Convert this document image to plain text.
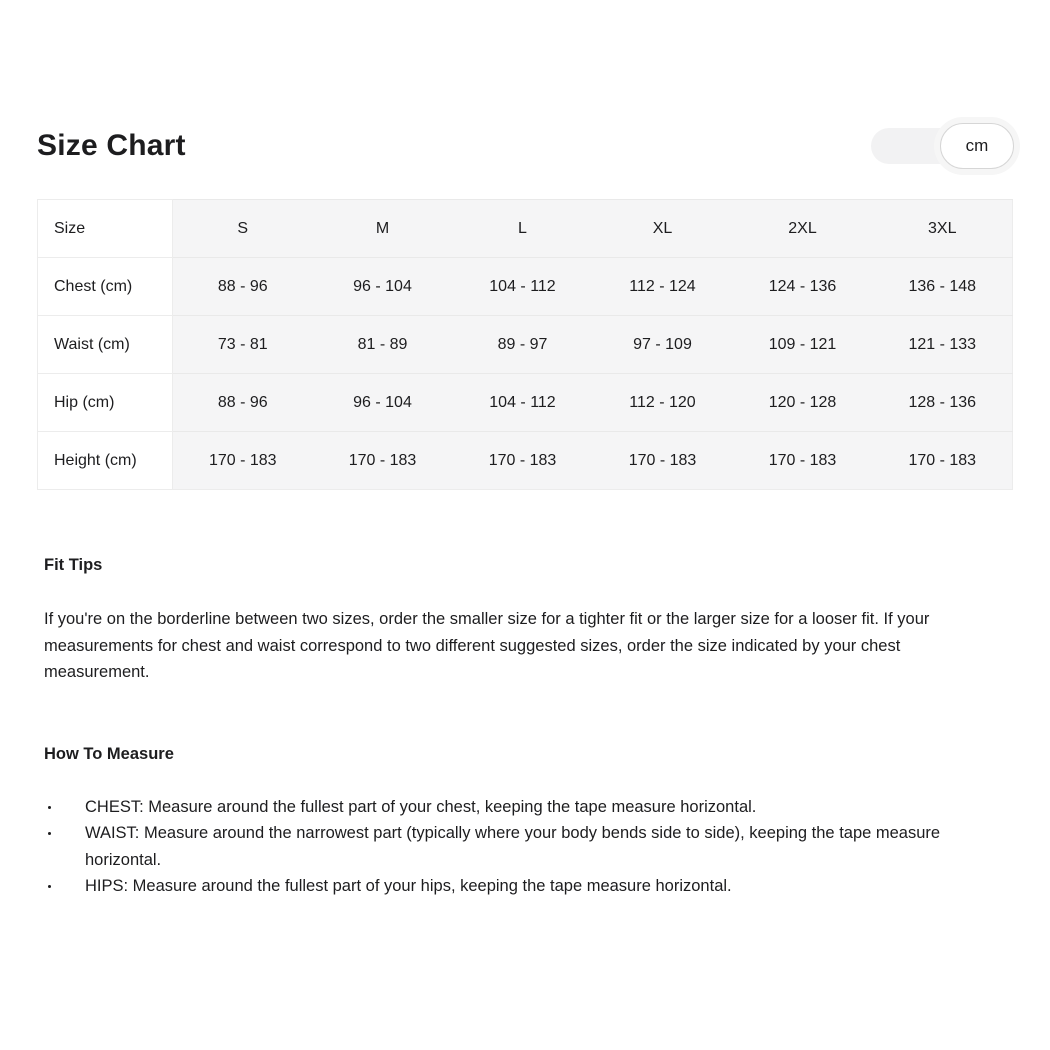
Size Chart	cm
Size	S	M	L	XL	2XL	3XL
Chest (cm)	88 - 96	96 - 104	104 - 112	112 - 124	124 - 136	136 - 148
Waist (cm)	73 - 81	81 - 89	89 - 97	97 - 109	109 - 121	121 - 133
Hip (cm)	88 - 96	96 - 104	104 - 112	112 - 120	120 - 128	128 - 136
Height (cm)	170 - 183	170 - 183	170 - 183	170 - 183	170 - 183	170 - 183
Fit Tips

If you're on the borderline between two sizes, order the smaller size for a tighter fit or the larger size for a looser fit. If your measurements for chest and waist correspond to two different suggested sizes, order the size indicated by your chest measurement.

How To Measure
CHEST: Measure around the fullest part of your chest, keeping the tape measure horizontal.
WAIST: Measure around the narrowest part (typically where your body bends side to side), keeping the tape measure horizontal.
HIPS: Measure around the fullest part of your hips, keeping the tape measure horizontal.
